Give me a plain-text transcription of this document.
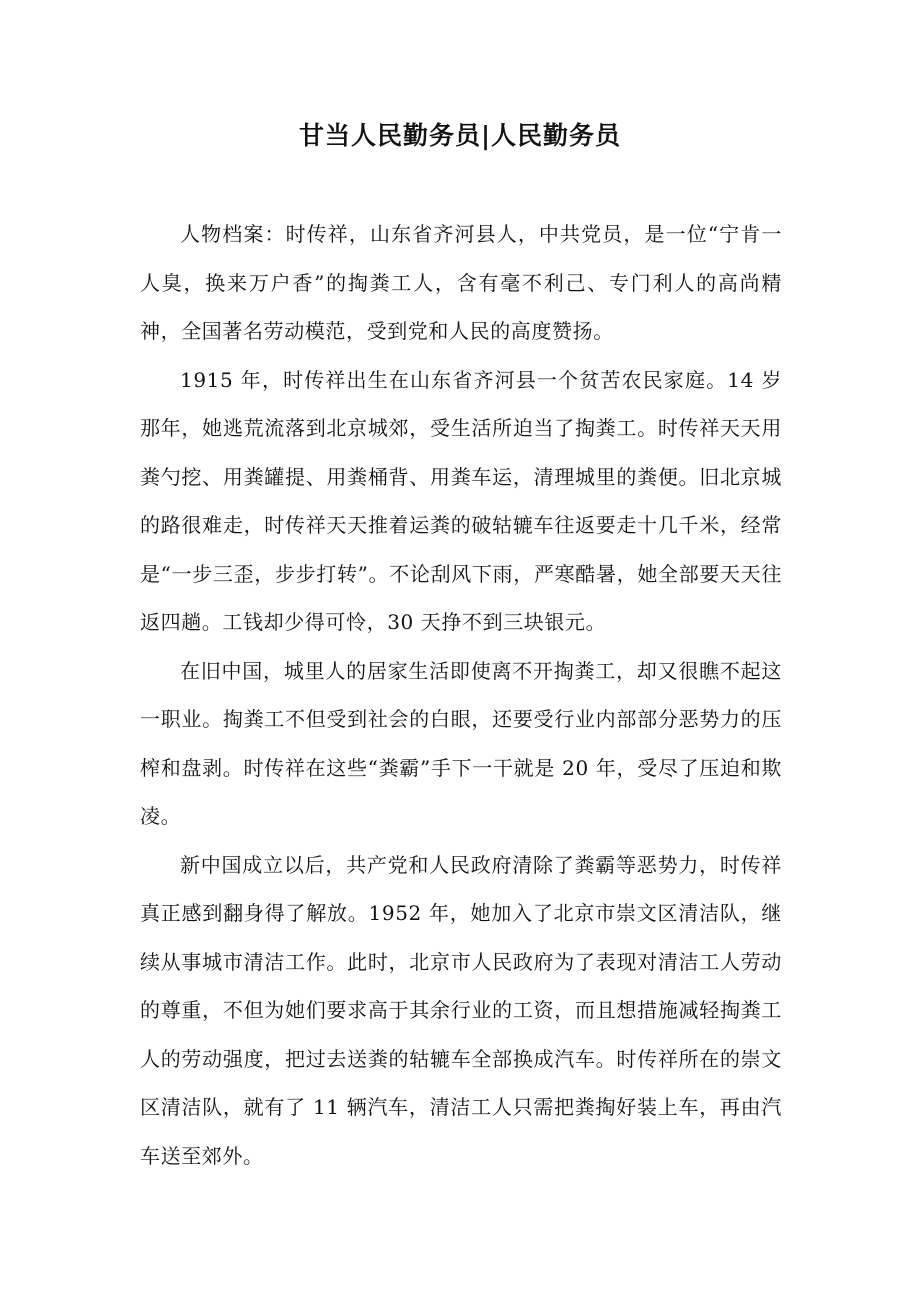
甘当人民勤务员|人民勤务员

人物档案：时传祥，山东省齐河县人，中共党员，是一位“宁肯一人臭，换来万户香”的掏粪工人，含有毫不利己、专门利人的高尚精神，全国著名劳动模范，受到党和人民的高度赞扬。

1915 年，时传祥出生在山东省齐河县一个贫苦农民家庭。14 岁那年，她逃荒流落到北京城郊，受生活所迫当了掏粪工。时传祥天天用粪勺挖、用粪罐提、用粪桶背、用粪车运，清理城里的粪便。旧北京城的路很难走，时传祥天天推着运粪的破轱辘车往返要走十几千米，经常是“一步三歪，步步打转”。不论刮风下雨，严寒酷暑，她全部要天天往返四趟。工钱却少得可怜，30 天挣不到三块银元。

在旧中国，城里人的居家生活即使离不开掏粪工，却又很瞧不起这一职业。掏粪工不但受到社会的白眼，还要受行业内部部分恶势力的压榨和盘剥。时传祥在这些“粪霸”手下一干就是 20 年，受尽了压迫和欺凌。

新中国成立以后，共产党和人民政府清除了粪霸等恶势力，时传祥真正感到翻身得了解放。1952 年，她加入了北京市崇文区清洁队，继续从事城市清洁工作。此时，北京市人民政府为了表现对清洁工人劳动的尊重，不但为她们要求高于其余行业的工资，而且想措施减轻掏粪工人的劳动强度，把过去送粪的轱辘车全部换成汽车。时传祥所在的崇文区清洁队，就有了 11 辆汽车，清洁工人只需把粪掏好装上车，再由汽车送至郊外。
